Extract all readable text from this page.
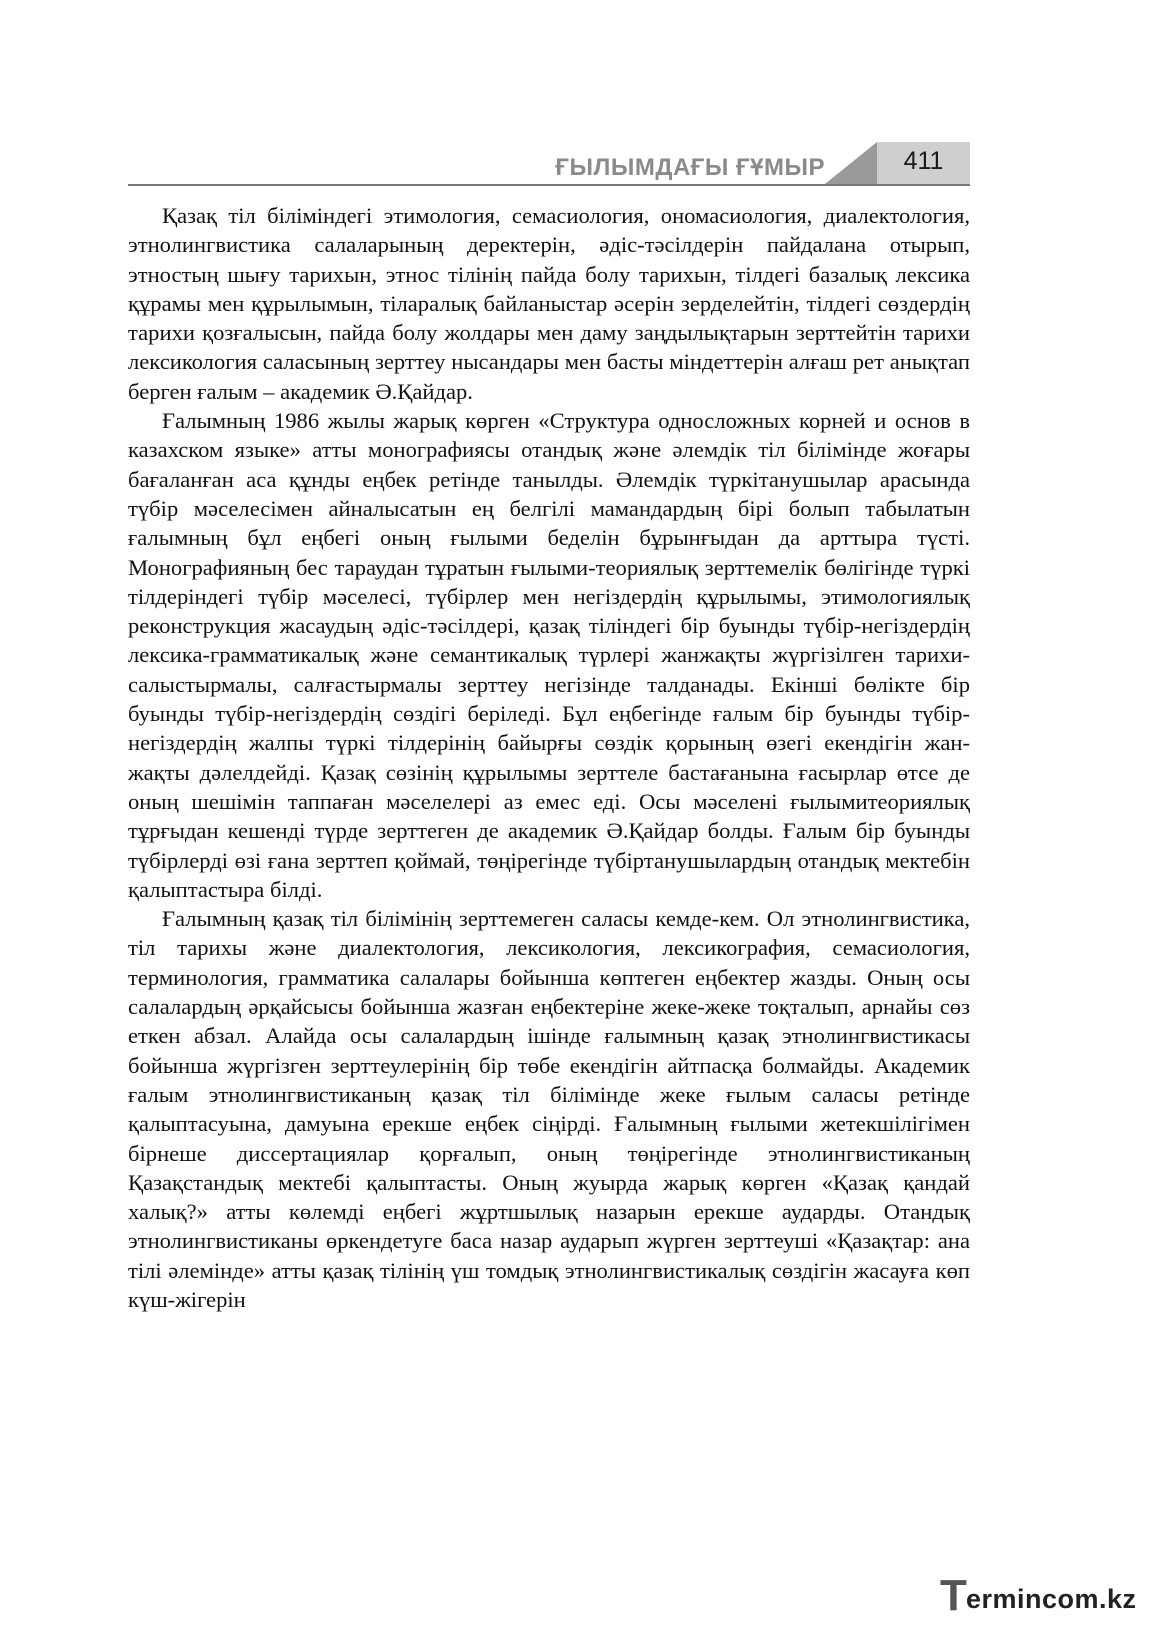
ҒЫЛЫМДАҒЫ ҒҰМЫР	411

Қазақ тіл біліміндегі этимология, семасиология, ономасиология, диалектология, этнолингвистика салаларының деректерін, әдіс-тәсілдерін пайдалана отырып, этностың шығу тарихын, этнос тілінің пайда болу тарихын, тілдегі базалық лексика құрамы мен құрылымын, тіларалық байланыстар әсерін зерделейтін, тілдегі сөздердің тарихи қозғалысын, пайда болу жолдары мен даму заңдылықтарын зерттейтін тарихи лексикология саласының зерттеу нысандары мен басты міндеттерін алғаш рет анықтап берген ғалым – академик Ә.Қайдар.

Ғалымның 1986 жылы жарық көрген «Структура односложных корней и основ в казахском языке» атты монографиясы отандық және әлемдік тіл білімінде жоғары бағаланған аса құнды еңбек ретінде танылды. Әлемдік түркітанушылар арасында түбір мәселесімен айналысатын ең белгілі мамандардың бірі болып табылатын ғалымның бұл еңбегі оның ғылыми беделін бұрынғыдан да арттыра түсті. Монографияның бес тараудан тұратын ғылыми-теориялық зерттемелік бөлігінде түркі тілдеріндегі түбір мәселесі, түбірлер мен негіздердің құрылымы, этимологиялық реконструкция жасаудың әдіс-тәсілдері, қазақ тіліндегі бір буынды түбір-негіздердің лексика-грамматикалық және семантикалық түрлері жанжақты жүргізілген тарихи-салыстырмалы, салғастырмалы зерттеу негізінде талданады. Екінші бөлікте бір буынды түбір-негіздердің сөздігі беріледі. Бұл еңбегінде ғалым бір буынды түбір-негіздердің жалпы түркі тілдерінің байырғы сөздік қорының өзегі екендігін жан-жақты дәлелдейді. Қазақ сөзінің құрылымы зерттеле бастағанына ғасырлар өтсе де оның шешімін таппаған мәселелері аз емес еді. Осы мәселені ғылымитеориялық тұрғыдан кешенді түрде зерттеген де академик Ә.Қайдар болды. Ғалым бір буынды түбірлерді өзі ғана зерттеп қоймай, төңірегінде түбіртанушылардың отандық мектебін қалыптастыра білді.

Ғалымның қазақ тіл білімінің зерттемеген саласы кемде-кем. Ол этнолингвистика, тіл тарихы және диалектология, лексикология, лексикография, семасиология, терминология, грамматика салалары бойынша көптеген еңбектер жазды. Оның осы салалардың әрқайсысы бойынша жазған еңбектеріне жеке-жеке тоқталып, арнайы сөз еткен абзал. Алайда осы салалардың ішінде ғалымның қазақ этнолингвистикасы бойынша жүргізген зерттеулерінің бір төбе екендігін айтпасқа болмайды. Академик ғалым этнолингвистиканың қазақ тіл білімінде жеке ғылым саласы ретінде қалыптасуына, дамуына ерекше еңбек сіңірді. Ғалымның ғылыми жетекшілігімен бірнеше диссертациялар қорғалып, оның төңірегінде этнолингвистиканың Қазақстандық мектебі қалыптасты. Оның жуырда жарық көрген «Қазақ қандай халық?» атты көлемді еңбегі жұртшылық назарын ерекше аударды. Отандық этнолингвистиканы өркендетуге баса назар аударып жүрген зерттеуші «Қазақтар: ана тілі әлемінде» атты қазақ тілінің үш томдық этнолингвистикалық сөздігін жасауға көп күш-жігерін

T ermincom.kz
